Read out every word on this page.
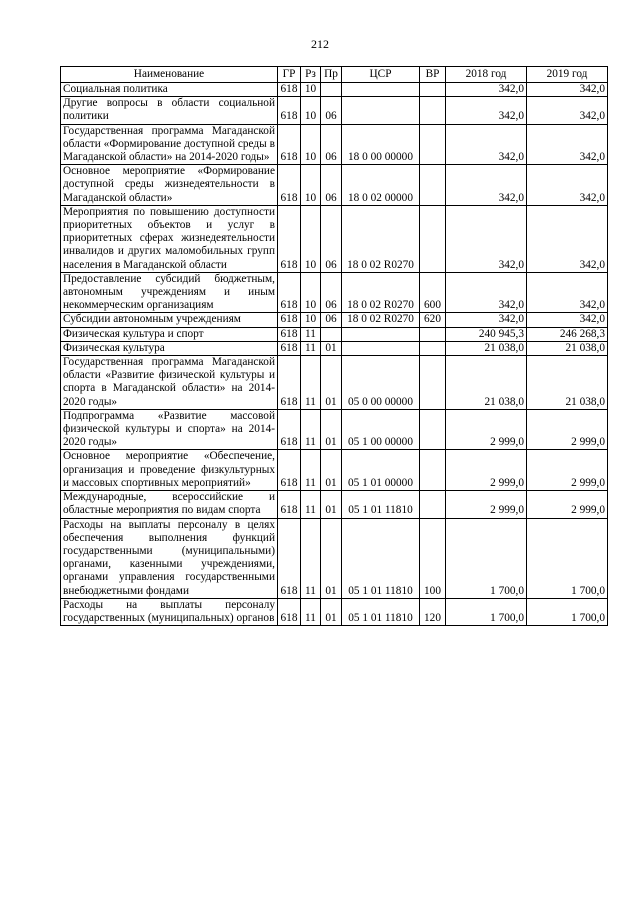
212
Наименование	ГР	Рз	Пр	ЦСР	ВР	2018 год	2019 год
Социальная политика	618	10				342,0	342,0
Другие вопросы в области социальной политики	618	10	06			342,0	342,0
Государственная программа Магаданской области «Формирование доступной среды в Магаданской области» на 2014-2020 годы»	618	10	06	18 0 00 00000		342,0	342,0
Основное мероприятие «Формирование доступной среды жизнедеятельности в Магаданской области»	618	10	06	18 0 02 00000		342,0	342,0
Мероприятия по повышению доступности приоритетных объектов и услуг в приоритетных сферах жизнедеятельности инвалидов и других маломобильных групп населения в Магаданской области	618	10	06	18 0 02 R0270		342,0	342,0
Предоставление субсидий бюджетным, автономным учреждениям и иным некоммерческим организациям	618	10	06	18 0 02 R0270	600	342,0	342,0
Субсидии автономным учреждениям	618	10	06	18 0 02 R0270	620	342,0	342,0
Физическая культура и спорт	618	11				240 945,3	246 268,3
Физическая культура	618	11	01			21 038,0	21 038,0
Государственная программа Магаданской области «Развитие физической культуры и спорта в Магаданской области» на 2014-2020 годы»	618	11	01	05 0 00 00000		21 038,0	21 038,0
Подпрограмма «Развитие массовой физической культуры и спорта» на 2014-2020 годы»	618	11	01	05 1 00 00000		2 999,0	2 999,0
Основное мероприятие «Обеспечение, организация и проведение физкультурных и массовых спортивных мероприятий»	618	11	01	05 1 01 00000		2 999,0	2 999,0
Международные, всероссийские и областные мероприятия по видам спорта	618	11	01	05 1 01 11810		2 999,0	2 999,0
Расходы на выплаты персоналу в целях обеспечения выполнения функций государственными (муниципальными) органами, казенными учреждениями, органами управления государственными внебюджетными фондами	618	11	01	05 1 01 11810	100	1 700,0	1 700,0
Расходы на выплаты персоналу государственных (муниципальных) органов	618	11	01	05 1 01 11810	120	1 700,0	1 700,0
